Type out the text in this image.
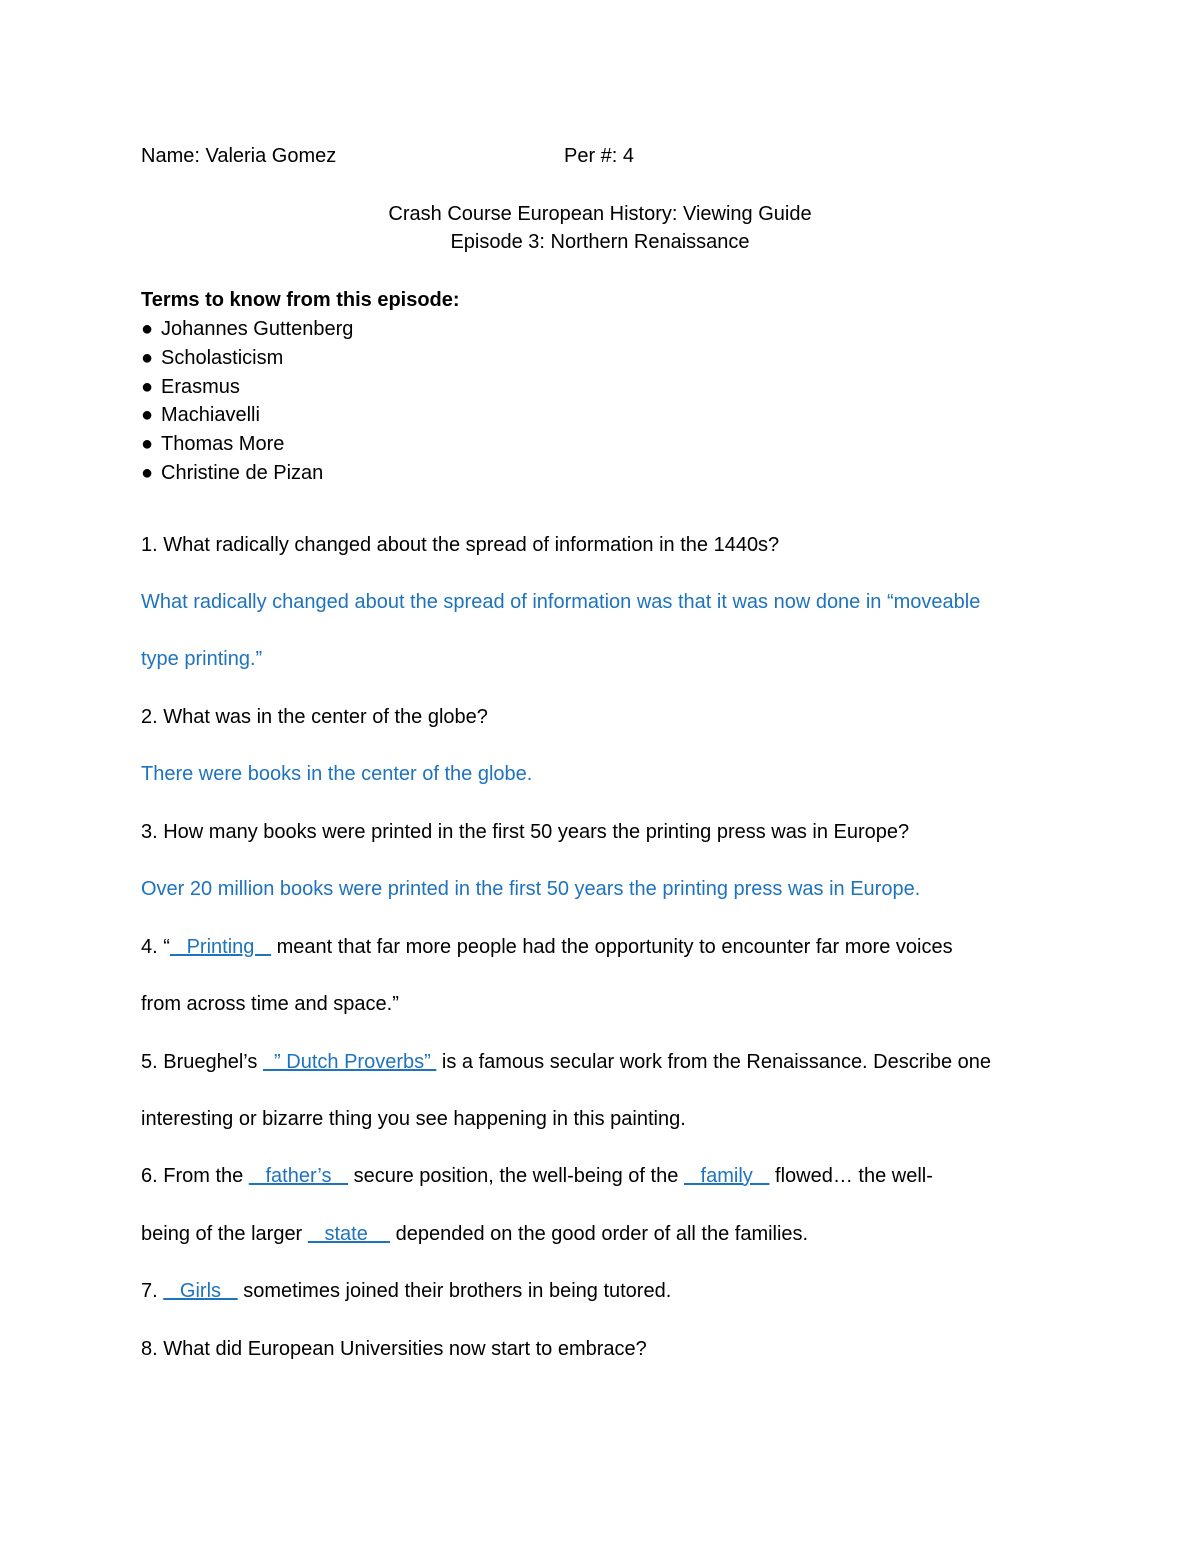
Name: Valeria Gomez	Per #: 4
Crash Course European History: Viewing Guide
Episode 3: Northern Renaissance
Terms to know from this episode:
● Johannes Guttenberg
● Scholasticism
● Erasmus
● Machiavelli
● Thomas More
● Christine de Pizan
1. What radically changed about the spread of information in the 1440s?
What radically changed about the spread of information was that it was now done in “moveable
type printing.”
2. What was in the center of the globe?
There were books in the center of the globe.
3. How many books were printed in the first 50 years the printing press was in Europe?
Over 20 million books were printed in the first 50 years the printing press was in Europe.
4. “   Printing    meant that far more people had the opportunity to encounter far more voices
from across time and space.”
5. Brueghel’s   ” Dutch Proverbs”  is a famous secular work from the Renaissance. Describe one
interesting or bizarre thing you see happening in this painting.
6. From the    father’s    secure position, the well-being of the    family    flowed… the well-
being of the larger    state     depended on the good order of all the families.
7.    Girls    sometimes joined their brothers in being tutored.
8. What did European Universities now start to embrace?
